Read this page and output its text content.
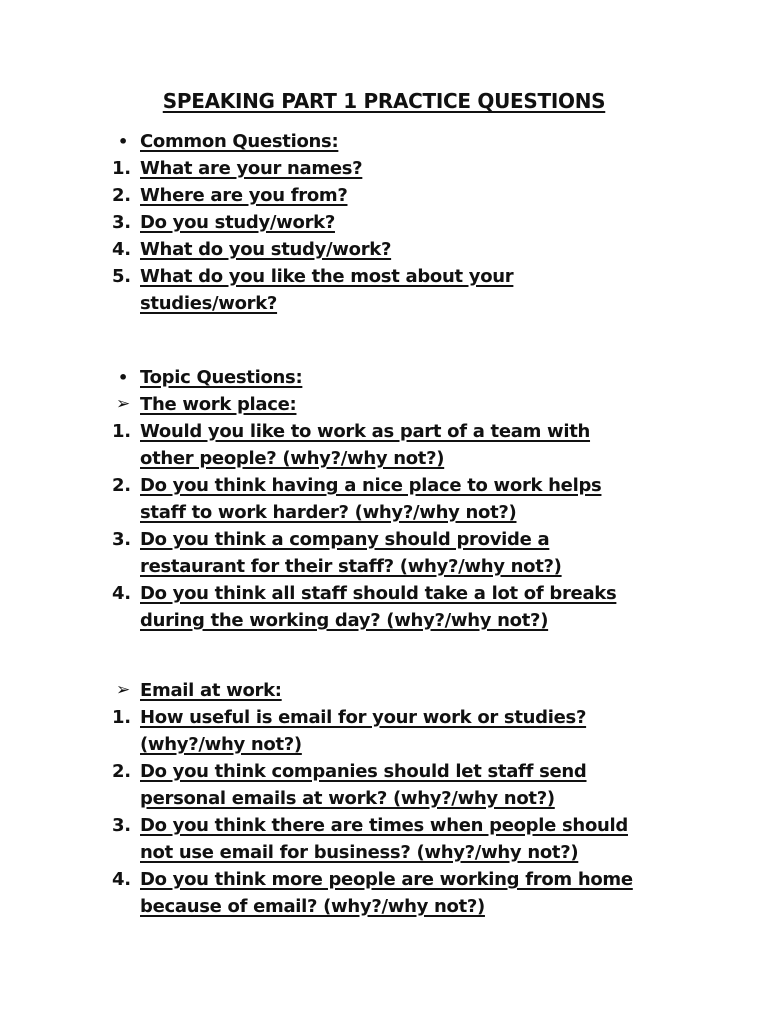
SPEAKING PART 1 PRACTICE QUESTIONS
• Common Questions:
1. What are your names?
2. Where are you from?
3. Do you study/work?
4. What do you study/work?
5. What do you like the most about your
studies/work?
• Topic Questions:
➢ The work place:
1. Would you like to work as part of a team with
other people? (why?/why not?)
2. Do you think having a nice place to work helps
staff to work harder? (why?/why not?)
3. Do you think a company should provide a
restaurant for their staff? (why?/why not?)
4. Do you think all staff should take a lot of breaks
during the working day? (why?/why not?)
➢ Email at work:
1. How useful is email for your work or studies?
(why?/why not?)
2. Do you think companies should let staff send
personal emails at work? (why?/why not?)
3. Do you think there are times when people should
not use email for business? (why?/why not?)
4. Do you think more people are working from home
because of email? (why?/why not?)
